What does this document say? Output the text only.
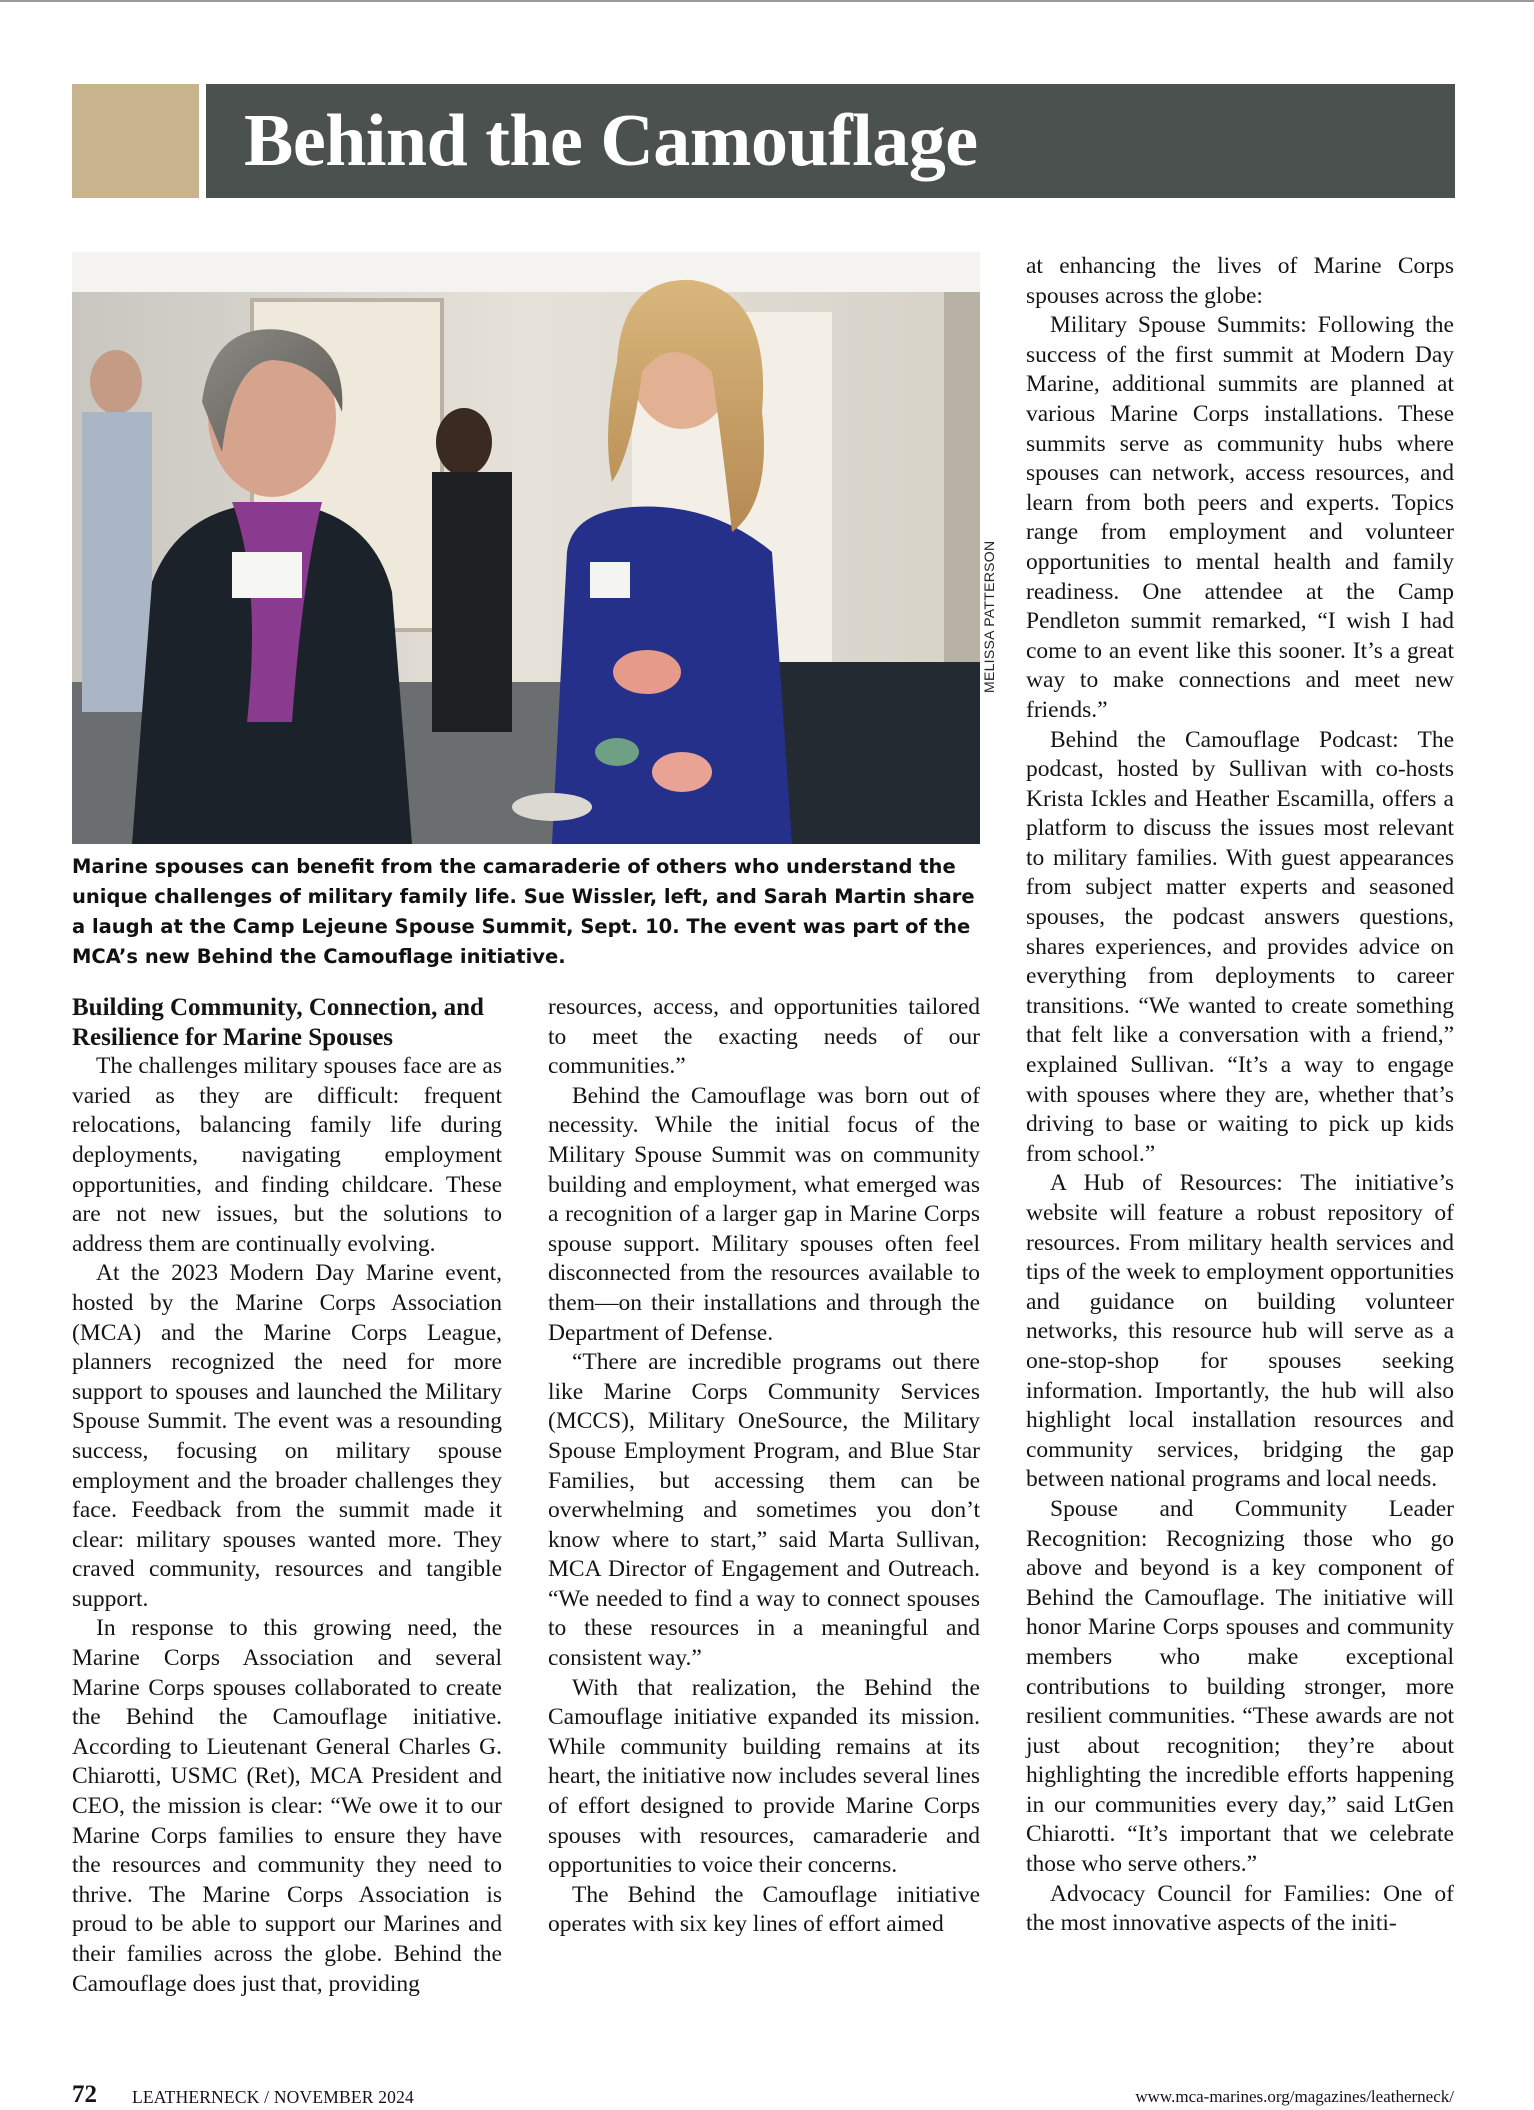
Behind the Camouflage
MELISSA PATTERSON
Marine spouses can benefit from the camaraderie of others who understand the unique challenges of military family life. Sue Wissler, left, and Sarah Martin share a laugh at the Camp Lejeune Spouse Summit, Sept. 10. The event was part of the MCA’s new Behind the Camouflage initiative.
Building Community, Connection, and Resilience for Marine Spouses

The challenges military spouses face are as varied as they are difficult: frequent relocations, balancing family life during deployments, navigating employment opportunities, and finding childcare. These are not new issues, but the solutions to address them are continually evolving.

At the 2023 Modern Day Marine event, hosted by the Marine Corps Association (MCA) and the Marine Corps League, planners recognized the need for more support to spouses and launched the Military Spouse Summit. The event was a resounding success, focusing on military spouse employment and the broader challenges they face. Feedback from the summit made it clear: military spouses wanted more. They craved community, resources and tangible support.

In response to this growing need, the Marine Corps Association and several Marine Corps spouses collaborated to create the Behind the Camouflage initiative. According to Lieutenant General Charles G. Chiarotti, USMC (Ret), MCA President and CEO, the mission is clear: “We owe it to our Marine Corps families to ensure they have the resources and community they need to thrive. The Marine Corps Association is proud to be able to support our Marines and their families across the globe. Behind the Camouflage does just that, providing

resources, access, and opportunities tailored to meet the exacting needs of our communities.”

Behind the Camouflage was born out of necessity. While the initial focus of the Military Spouse Summit was on community building and employment, what emerged was a recognition of a larger gap in Marine Corps spouse support. Military spouses often feel disconnected from the resources available to them—on their installations and through the Department of Defense.

“There are incredible programs out there like Marine Corps Community Services (MCCS), Military OneSource, the Military Spouse Employment Program, and Blue Star Families, but accessing them can be overwhelming and sometimes you don’t know where to start,” said Marta Sullivan, MCA Director of Engagement and Outreach. “We needed to find a way to connect spouses to these resources in a meaningful and consistent way.”

With that realization, the Behind the Camouflage initiative expanded its mission. While community building remains at its heart, the initiative now includes several lines of effort designed to provide Marine Corps spouses with resources, camaraderie and opportunities to voice their concerns.

The Behind the Camouflage initiative operates with six key lines of effort aimed

at enhancing the lives of Marine Corps spouses across the globe:

Military Spouse Summits: Following the success of the first summit at Modern Day Marine, additional summits are planned at various Marine Corps installations. These summits serve as community hubs where spouses can network, access resources, and learn from both peers and experts. Topics range from employment and volunteer opportunities to mental health and family readiness. One attendee at the Camp Pendleton summit remarked, “I wish I had come to an event like this sooner. It’s a great way to make connections and meet new friends.”

Behind the Camouflage Podcast: The podcast, hosted by Sullivan with co-hosts Krista Ickles and Heather Escamilla, offers a platform to discuss the issues most relevant to military families. With guest appearances from subject matter experts and seasoned spouses, the podcast answers questions, shares experiences, and provides advice on everything from deployments to career transitions. “We wanted to create something that felt like a conversation with a friend,” explained Sullivan. “It’s a way to engage with spouses where they are, whether that’s driving to base or waiting to pick up kids from school.”

A Hub of Resources: The initiative’s website will feature a robust repository of resources. From military health services and tips of the week to employment opportunities and guidance on building volunteer networks, this resource hub will serve as a one-stop-shop for spouses seeking information. Importantly, the hub will also highlight local installation resources and community services, bridging the gap between national programs and local needs.

Spouse and Community Leader Recognition: Recognizing those who go above and beyond is a key component of Behind the Camouflage. The initiative will honor Marine Corps spouses and community members who make exceptional contributions to building stronger, more resilient communities. “These awards are not just about recognition; they’re about highlighting the incredible efforts happening in our communities every day,” said LtGen Chiarotti. “It’s important that we celebrate those who serve others.”

Advocacy Council for Families: One of the most innovative aspects of the initi-

72 LEATHERNECK / NOVEMBER 2024	www.mca-marines.org/magazines/leatherneck/
